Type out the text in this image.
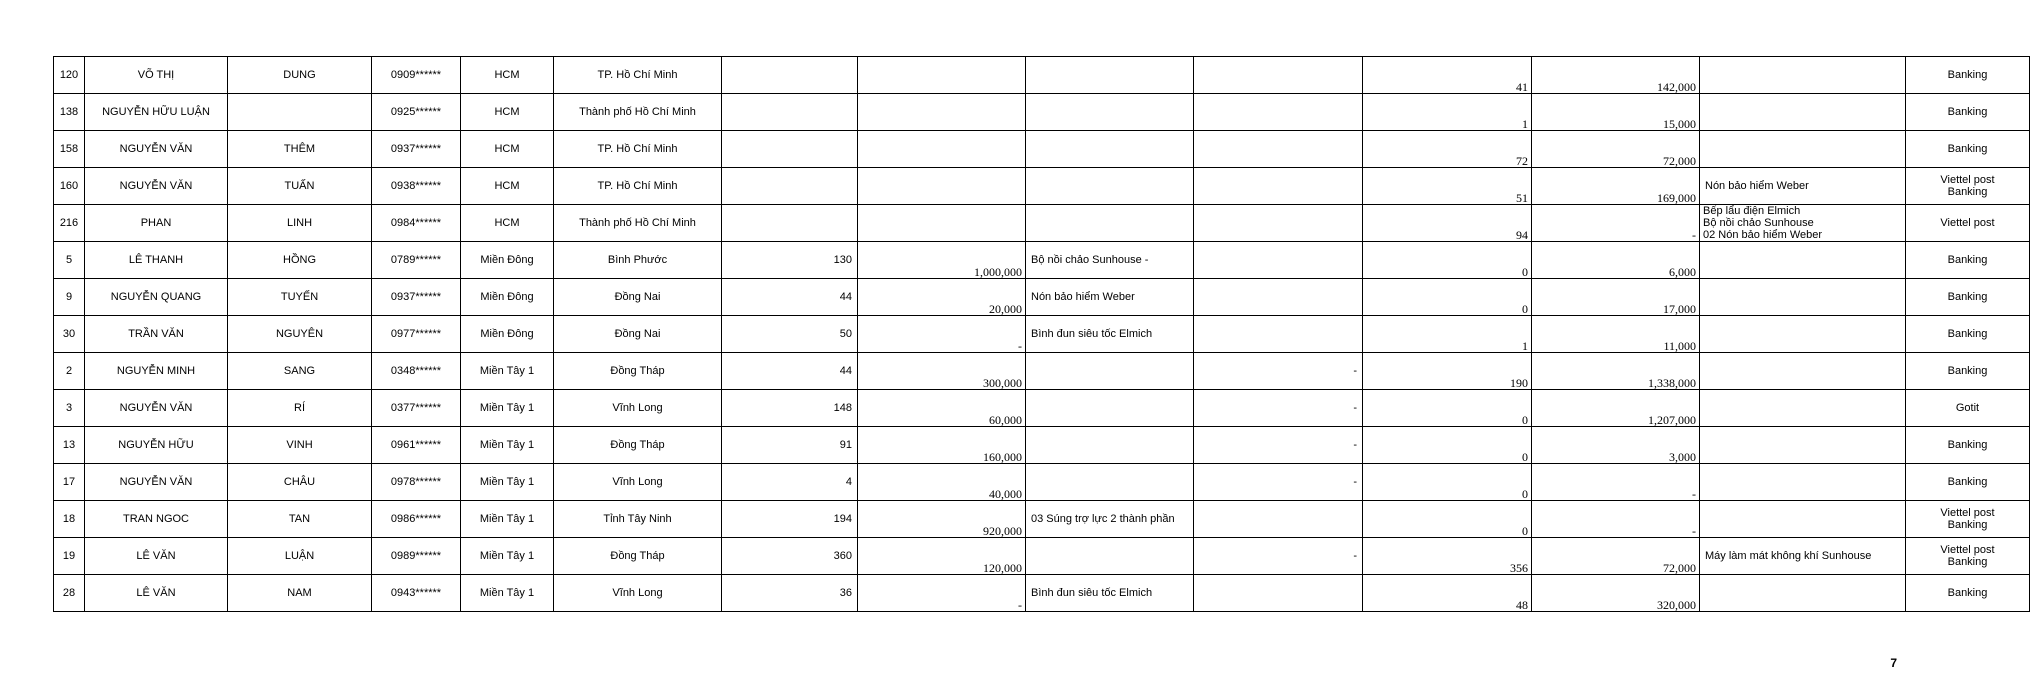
120	VÕ THỊ	DUNG	0909******	HCM	TP. Hồ Chí Minh					41	142,000		Banking
138	NGUYỄN HỮU LUẬN		0925******	HCM	Thành phố Hồ Chí Minh					1	15,000		Banking
158	NGUYỄN VĂN	THÊM	0937******	HCM	TP. Hồ Chí Minh					72	72,000		Banking
160	NGUYỄN VĂN	TUẤN	0938******	HCM	TP. Hồ Chí Minh					51	169,000	Nón bảo hiểm Weber	Viettel post
Banking
216	PHAN	LINH	0984******	HCM	Thành phố Hồ Chí Minh					94	-	Bếp lẩu điện Elmich
Bộ nồi chảo Sunhouse
02 Nón bảo hiểm Weber	Viettel post
5	LÊ THANH	HỒNG	0789******	Miền Đông	Bình Phước	130	1,000,000	Bộ nồi chảo Sunhouse -		0	6,000		Banking
9	NGUYỄN QUANG	TUYẾN	0937******	Miền Đông	Đồng Nai	44	20,000	Nón bảo hiểm Weber		0	17,000		Banking
30	TRẦN VĂN	NGUYÊN	0977******	Miền Đông	Đồng Nai	50	-	Bình đun siêu tốc Elmich		1	11,000		Banking
2	NGUYỄN MINH	SANG	0348******	Miền Tây 1	Đồng Tháp	44	300,000		-	190	1,338,000		Banking
3	NGUYỄN VĂN	RÍ	0377******	Miền Tây 1	Vĩnh Long	148	60,000		-	0	1,207,000		Gotit
13	NGUYỄN HỮU	VINH	0961******	Miền Tây 1	Đồng Tháp	91	160,000		-	0	3,000		Banking
17	NGUYỄN VĂN	CHÂU	0978******	Miền Tây 1	Vĩnh Long	4	40,000		-	0	-		Banking
18	TRAN NGOC	TAN	0986******	Miền Tây 1	Tỉnh Tây Ninh	194	920,000	03 Súng trợ lực 2 thành phần		0	-		Viettel post
Banking
19	LÊ VĂN	LUẬN	0989******	Miền Tây 1	Đồng Tháp	360	120,000		-	356	72,000	Máy làm mát không khí Sunhouse	Viettel post
Banking
28	LÊ VĂN	NAM	0943******	Miền Tây 1	Vĩnh Long	36	-	Bình đun siêu tốc Elmich		48	320,000		Banking
7
